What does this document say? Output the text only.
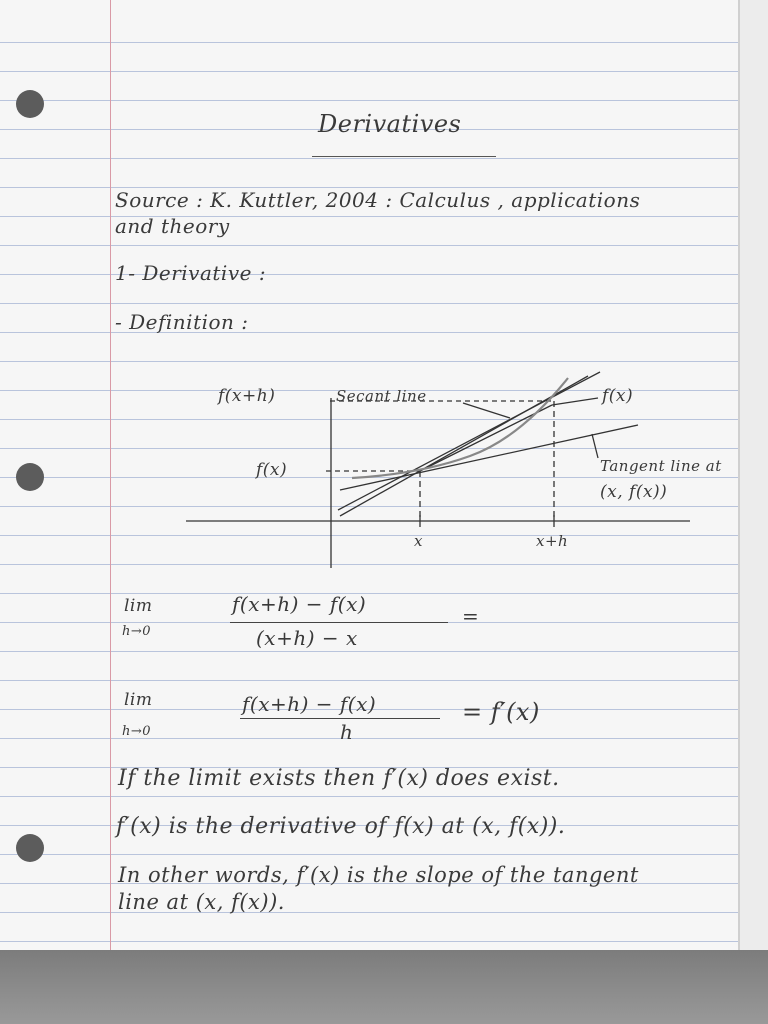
Derivatives
Source : K. Kuttler, 2004 : Calculus , applications
and theory
1- Derivative :
- Definition :
f(x+h)	Secant line	f(x)
f(x)	Tangent line at
(x, f(x))
x	x+h
lim
h→0
f(x+h) − f(x)
(x+h) − x
=
lim
h→0
f(x+h) − f(x)
h
= f′(x)
If the limit exists then f′(x) does exist.
f′(x) is the derivative of f(x) at (x, f(x)).
In other words, f′(x) is the slope of the tangent
line at (x, f(x)).
